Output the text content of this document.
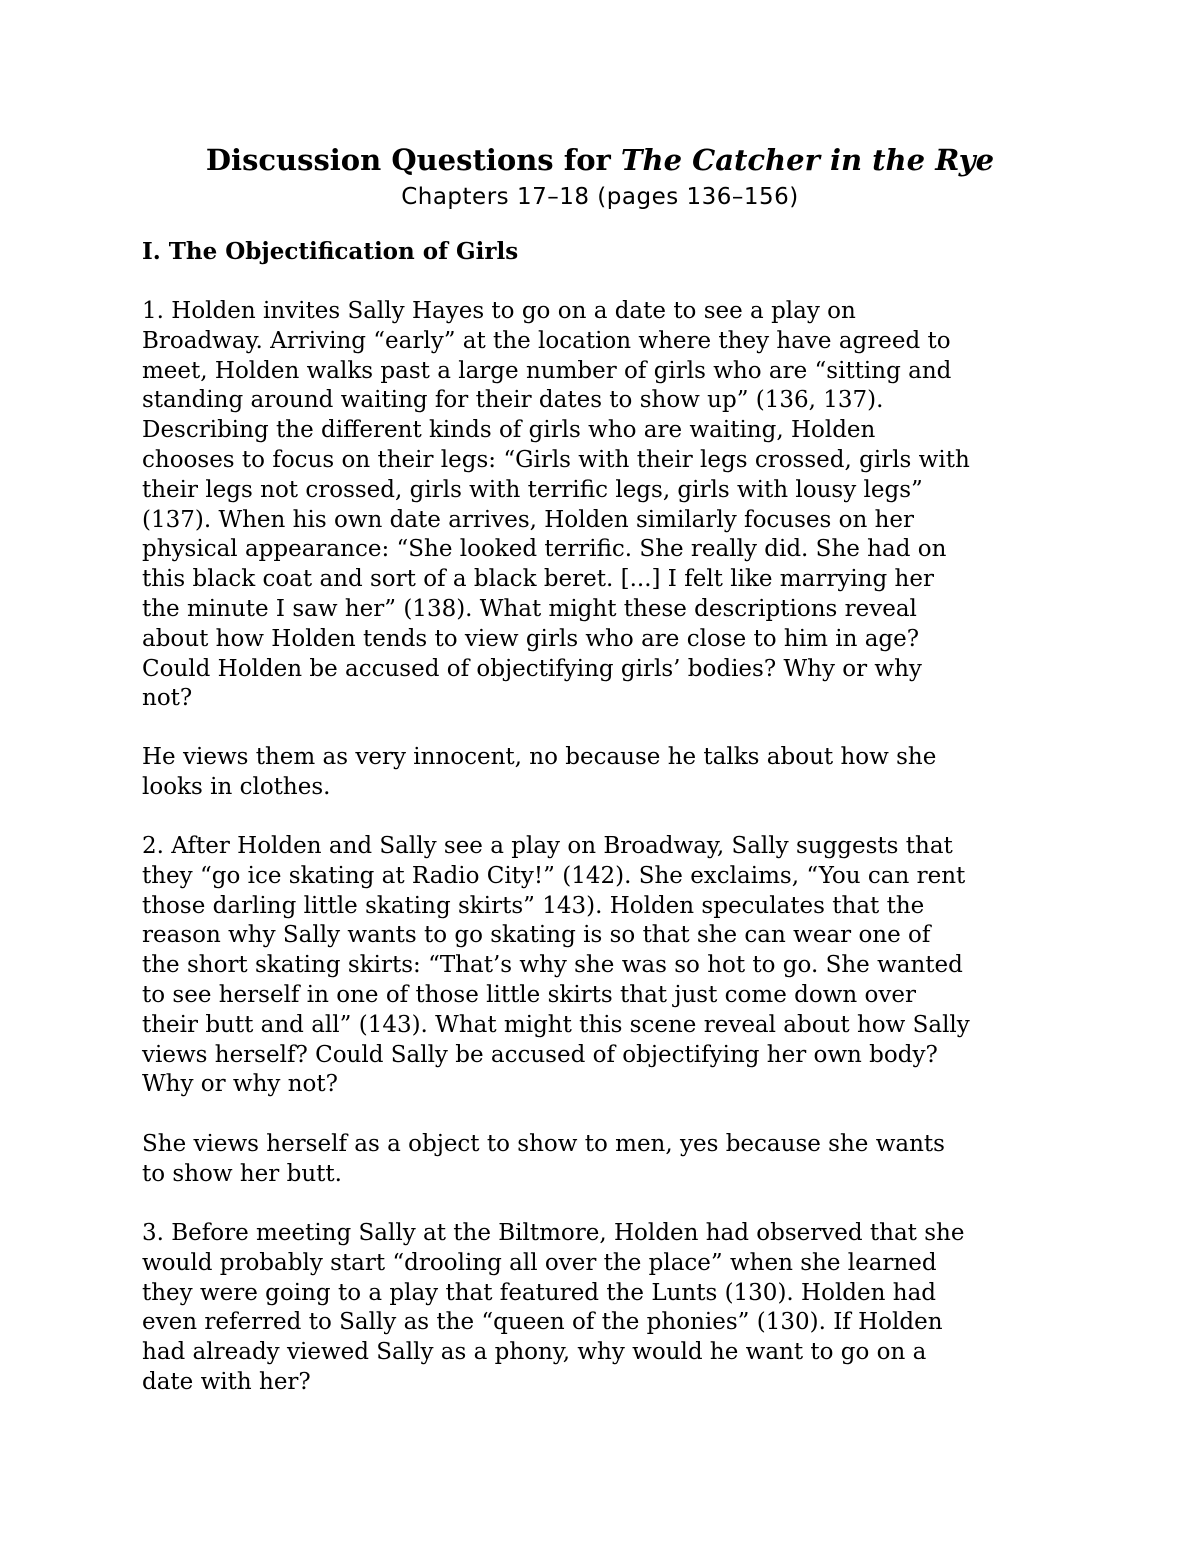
Discussion Questions for The Catcher in the Rye
Chapters 17–18 (pages 136–156)
I. The Objectification of Girls
1. Holden invites Sally Hayes to go on a date to see a play on
Broadway. Arriving “early” at the location where they have agreed to
meet, Holden walks past a large number of girls who are “sitting and
standing around waiting for their dates to show up” (136, 137).
Describing the different kinds of girls who are waiting, Holden
chooses to focus on their legs: “Girls with their legs crossed, girls with
their legs not crossed, girls with terrific legs, girls with lousy legs”
(137). When his own date arrives, Holden similarly focuses on her
physical appearance: “She looked terrific. She really did. She had on
this black coat and sort of a black beret. [...] I felt like marrying her
the minute I saw her” (138). What might these descriptions reveal
about how Holden tends to view girls who are close to him in age?
Could Holden be accused of objectifying girls’ bodies? Why or why
not?
He views them as very innocent, no because he talks about how she
looks in clothes.
2. After Holden and Sally see a play on Broadway, Sally suggests that
they “go ice skating at Radio City!” (142). She exclaims, “You can rent
those darling little skating skirts” 143). Holden speculates that the
reason why Sally wants to go skating is so that she can wear one of
the short skating skirts: “That’s why she was so hot to go. She wanted
to see herself in one of those little skirts that just come down over
their butt and all” (143). What might this scene reveal about how Sally
views herself? Could Sally be accused of objectifying her own body?
Why or why not?
She views herself as a object to show to men, yes because she wants
to show her butt.
3. Before meeting Sally at the Biltmore, Holden had observed that she
would probably start “drooling all over the place” when she learned
they were going to a play that featured the Lunts (130). Holden had
even referred to Sally as the “queen of the phonies” (130). If Holden
had already viewed Sally as a phony, why would he want to go on a
date with her?
